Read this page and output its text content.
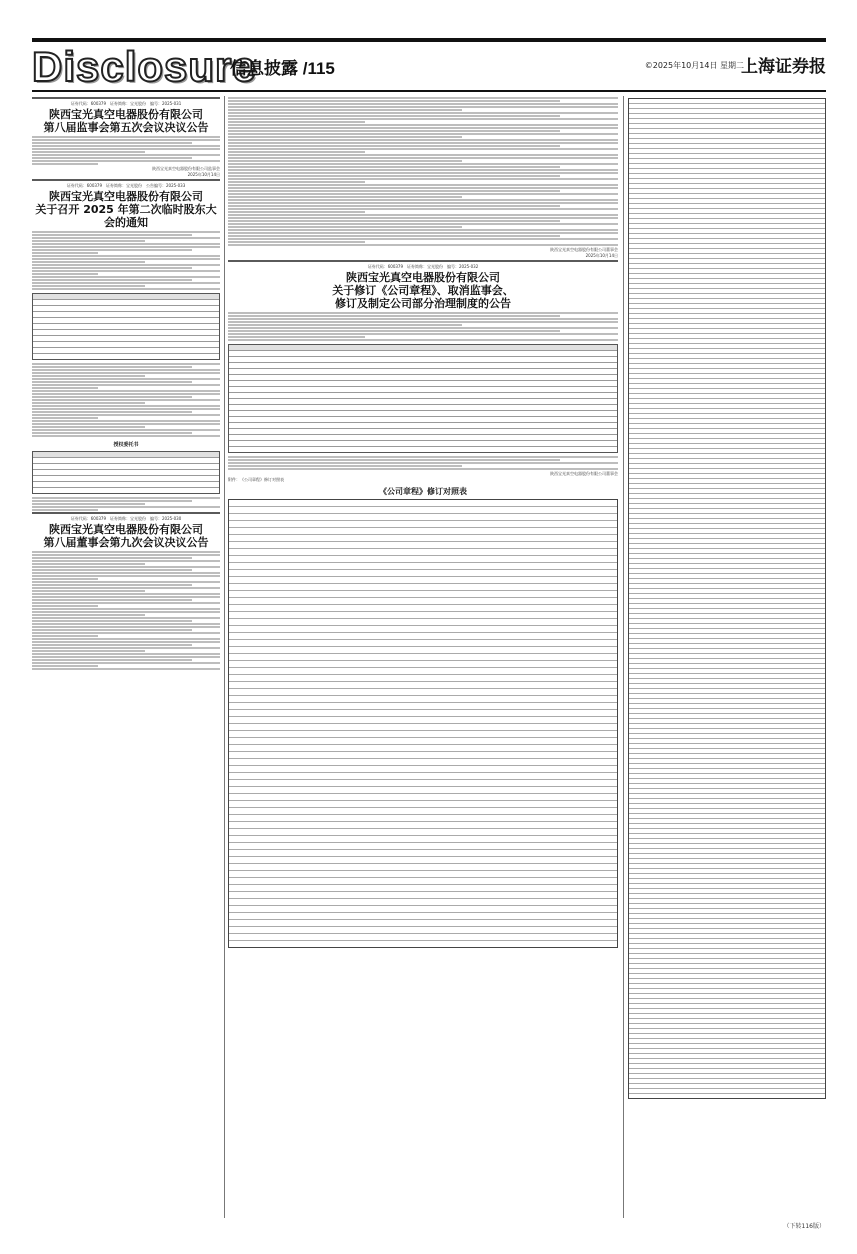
Disclosure
信息披露 /115	©2025年10月14日 星期二
上海证券报
证券代码：600379　证券简称：宝光股份　编号：2025-031
陕西宝光真空电器股份有限公司
第八届监事会第五次会议决议公告
陕西宝光真空电器股份有限公司监事会
2025年10月14日
证券代码：600379　证券简称：宝光股份　公告编号：2025-033
陕西宝光真空电器股份有限公司
关于召开 2025 年第二次临时股东大会的通知
授权委托书
证券代码：600379　证券简称：宝光股份　编号：2025-030
陕西宝光真空电器股份有限公司
第八届董事会第九次会议决议公告
陕西宝光真空电器股份有限公司董事会
2025年10月14日
证券代码：600379　证券简称：宝光股份　编号：2025-032
陕西宝光真空电器股份有限公司
关于修订《公司章程》、取消监事会、
修订及制定公司部分治理制度的公告
陕西宝光真空电器股份有限公司董事会
附件：《公司章程》修订对照表
《公司章程》修订对照表
（下转116版）
